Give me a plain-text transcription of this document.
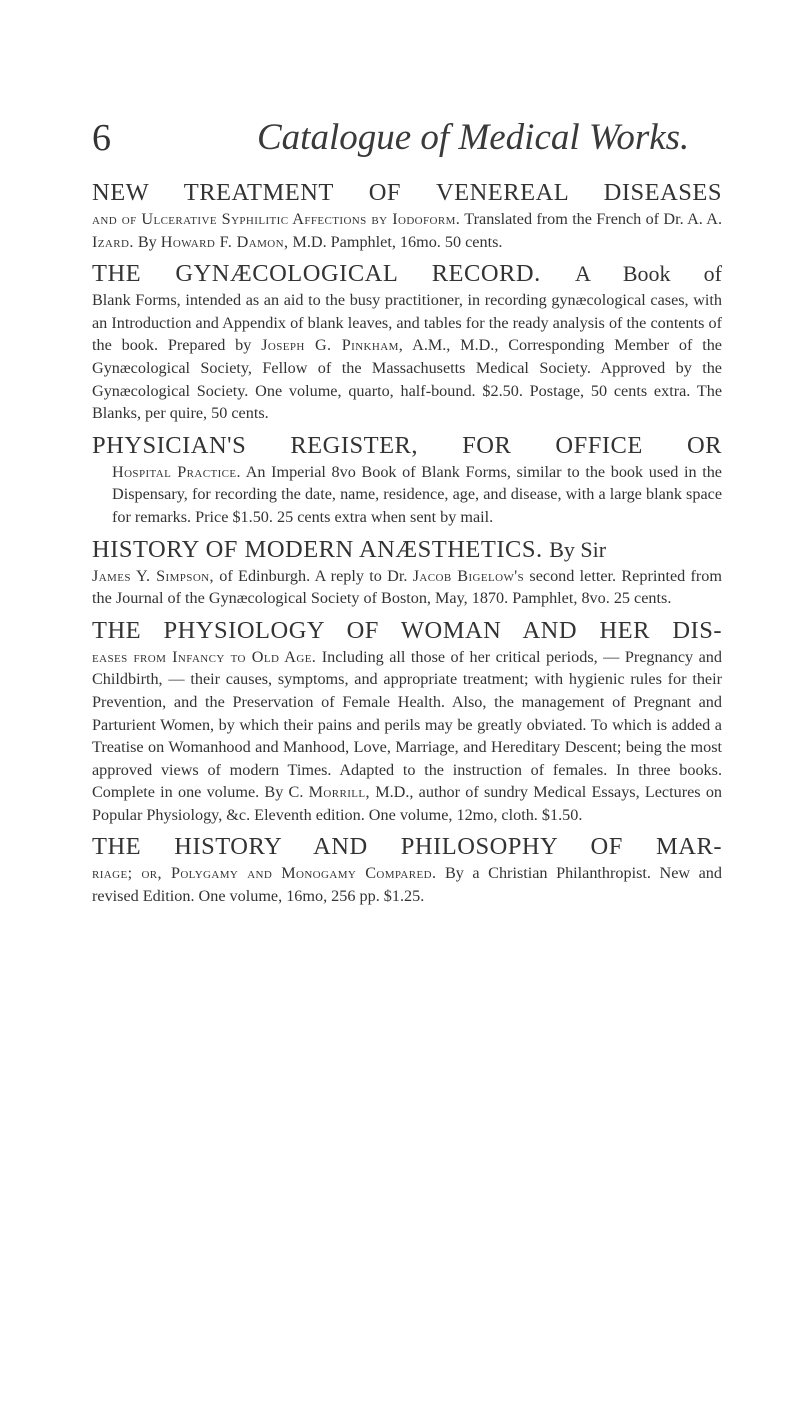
6	Catalogue of Medical Works.
NEW TREATMENT OF VENEREAL DISEASES
and of Ulcerative Syphilitic Affections by Iodoform. Translated from the French of Dr. A. A. Izard. By Howard F. Damon, M.D. Pamphlet, 16mo. 50 cents.
THE GYNÆCOLOGICAL RECORD. A Book of
Blank Forms, intended as an aid to the busy practitioner, in recording gynæcological cases, with an Introduction and Appendix of blank leaves, and tables for the ready analysis of the contents of the book. Prepared by Joseph G. Pinkham, A.M., M.D., Corresponding Member of the Gynæcological Society, Fellow of the Massachusetts Medical Society. Approved by the Gynæcological Society. One volume, quarto, half-bound. $2.50. Postage, 50 cents extra. The Blanks, per quire, 50 cents.
PHYSICIAN'S REGISTER, FOR OFFICE OR
Hospital Practice. An Imperial 8vo Book of Blank Forms, similar to the book used in the Dispensary, for recording the date, name, residence, age, and disease, with a large blank space for remarks. Price $1.50. 25 cents extra when sent by mail.
HISTORY OF MODERN ANÆSTHETICS. By Sir
James Y. Simpson, of Edinburgh. A reply to Dr. Jacob Bigelow's second letter. Reprinted from the Journal of the Gynæcological Society of Boston, May, 1870. Pamphlet, 8vo. 25 cents.
THE PHYSIOLOGY OF WOMAN AND HER DIS-
eases from Infancy to Old Age. Including all those of her critical periods, — Pregnancy and Childbirth, — their causes, symptoms, and appropriate treatment; with hygienic rules for their Prevention, and the Preservation of Female Health. Also, the management of Pregnant and Parturient Women, by which their pains and perils may be greatly obviated. To which is added a Treatise on Womanhood and Manhood, Love, Marriage, and Hereditary Descent; being the most approved views of modern Times. Adapted to the instruction of females. In three books. Complete in one volume. By C. Morrill, M.D., author of sundry Medical Essays, Lectures on Popular Physiology, &c. Eleventh edition. One volume, 12mo, cloth. $1.50.
THE HISTORY AND PHILOSOPHY OF MAR-
riage; or, Polygamy and Monogamy Compared. By a Christian Philanthropist. New and revised Edition. One volume, 16mo, 256 pp. $1.25.
